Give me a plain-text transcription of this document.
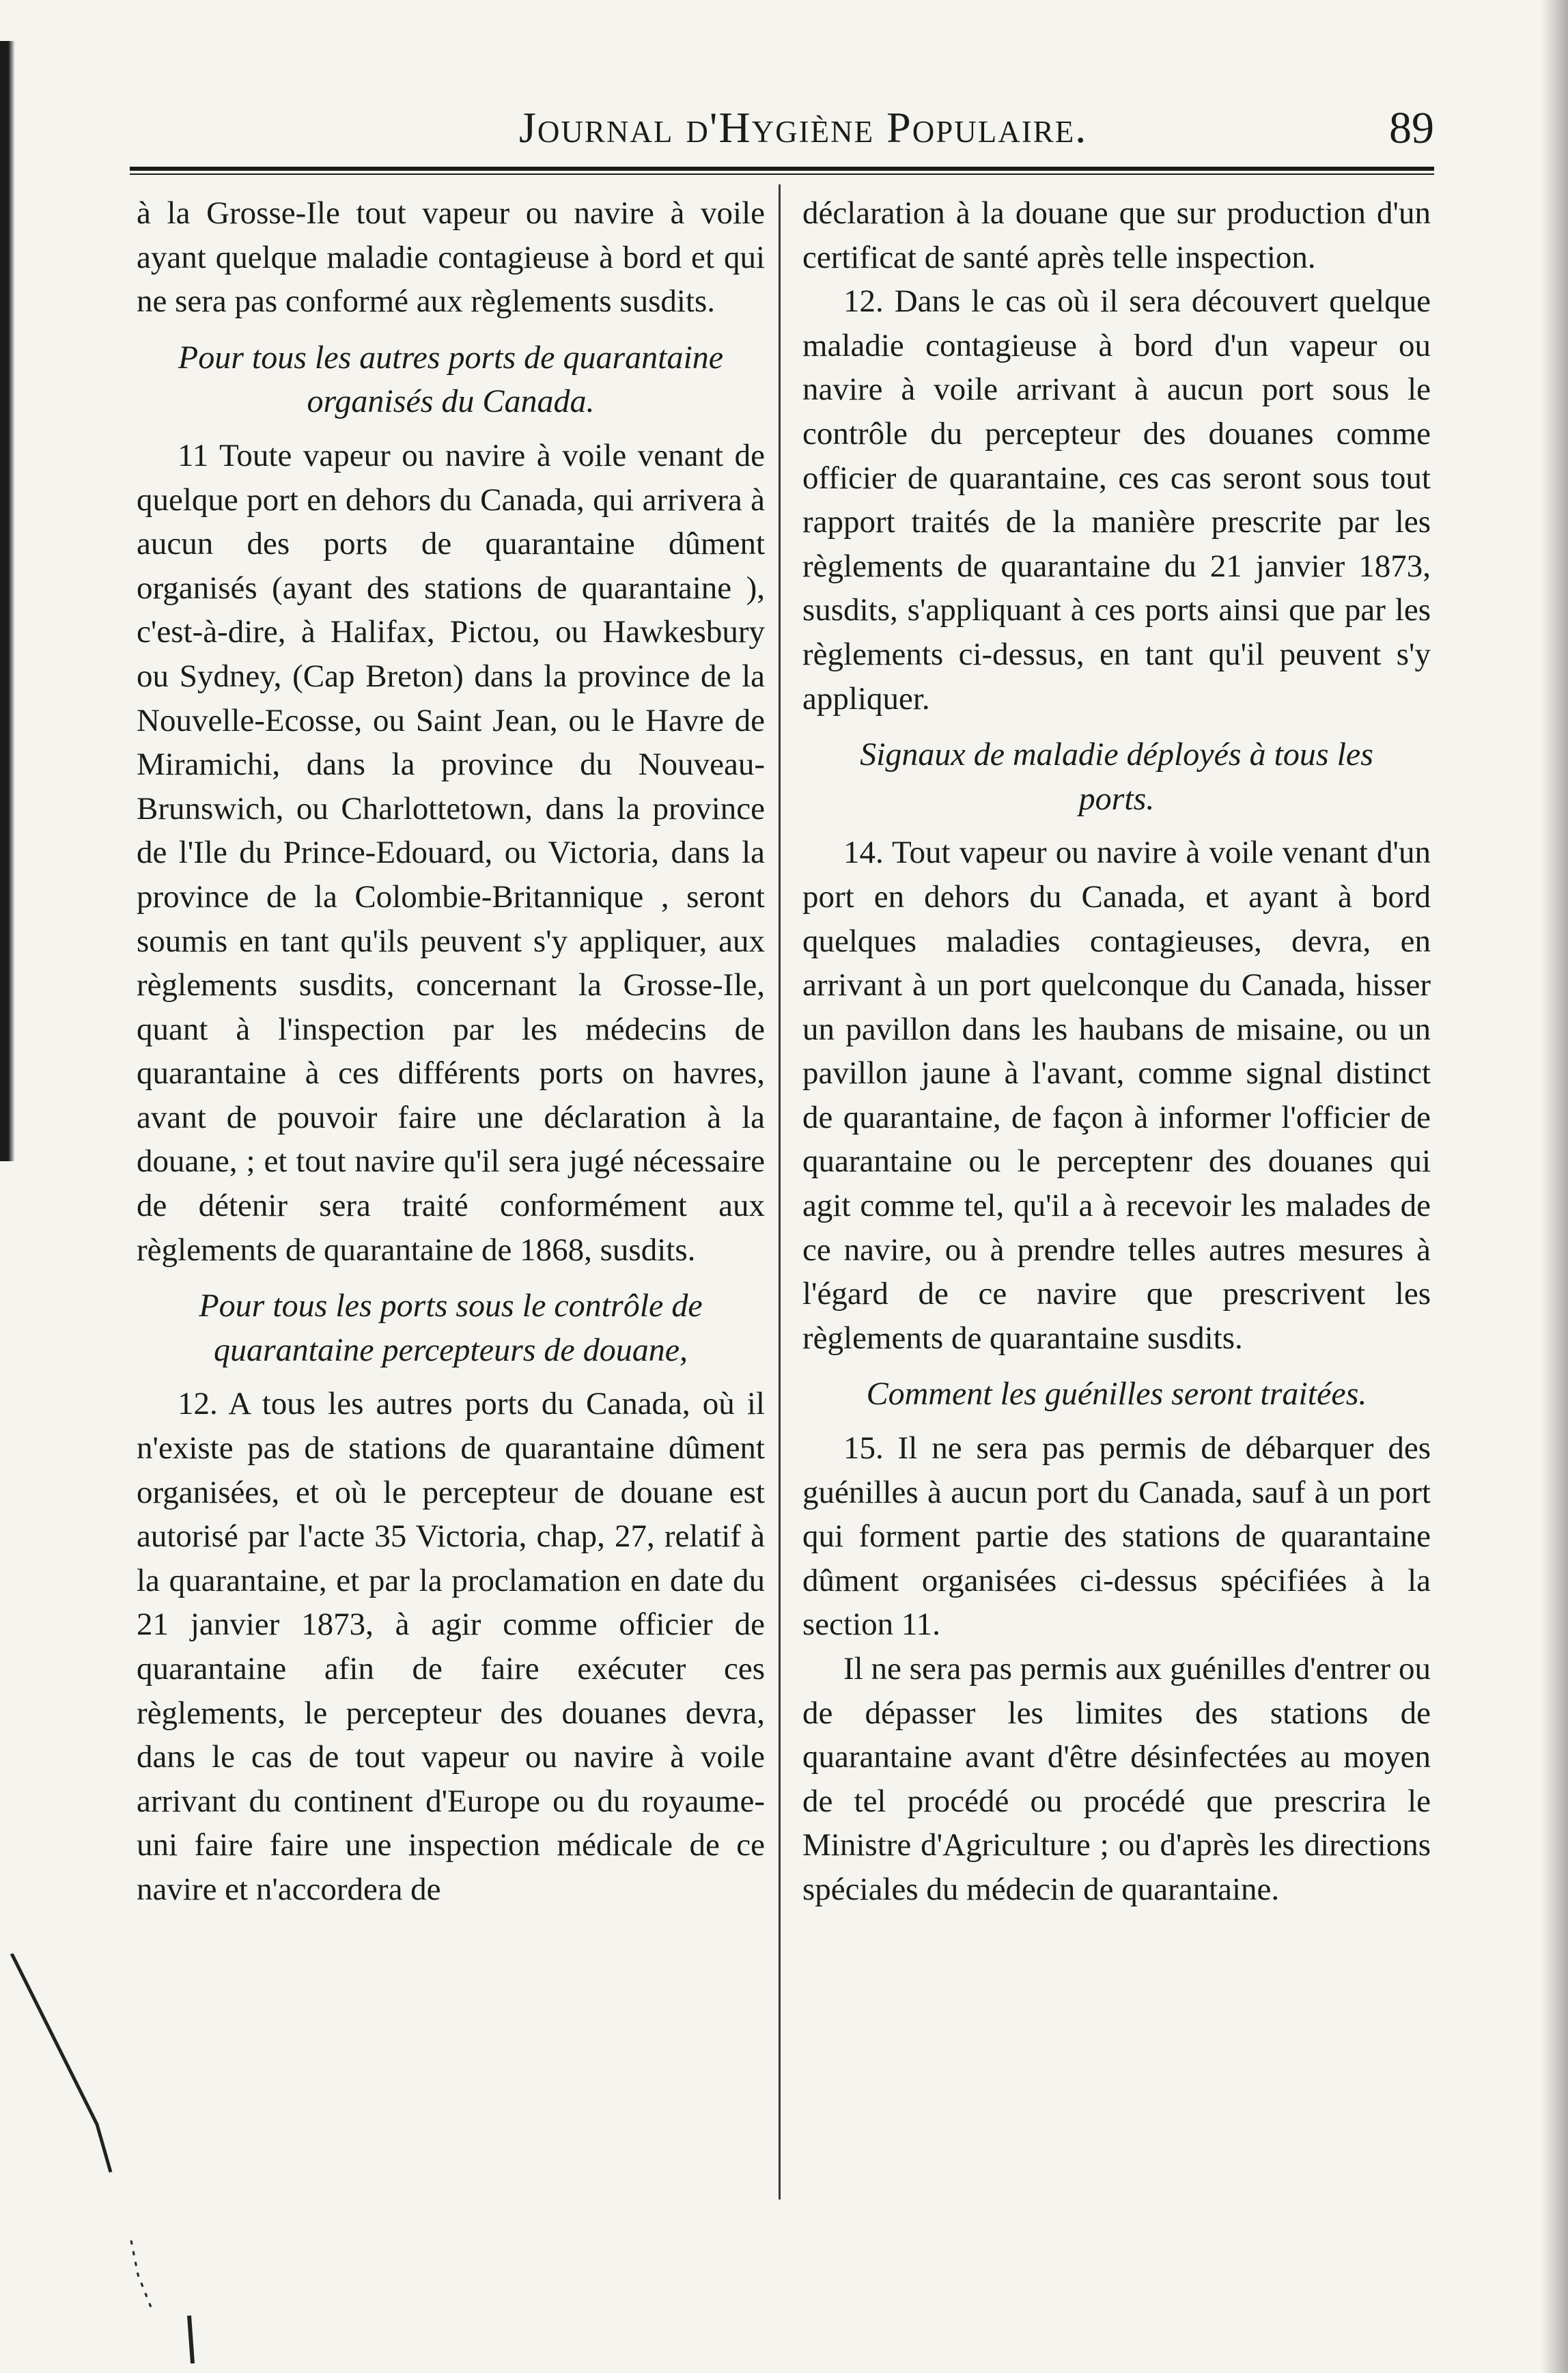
Journal d'Hygiène Populaire.	89

à la Grosse-Ile tout vapeur ou navire à voile ayant quelque maladie contagieuse à bord et qui ne sera pas conformé aux règlements susdits.

Pour tous les autres ports de quarantaine organisés du Canada.

11 Toute vapeur ou navire à voile venant de quelque port en dehors du Canada, qui arrivera à aucun des ports de quarantaine dûment organisés (ayant des stations de quarantaine ), c'est-à-dire, à Halifax, Pictou, ou Hawkesbury ou Sydney, (Cap Breton) dans la province de la Nouvelle-Ecosse, ou Saint Jean, ou le Havre de Miramichi, dans la province du Nouveau-Brunswich, ou Charlottetown, dans la province de l'Ile du Prince-Edouard, ou Victoria, dans la province de la Colombie-Britannique , seront soumis en tant qu'ils peuvent s'y appliquer, aux règlements susdits, concernant la Grosse-Ile, quant à l'inspection par les médecins de quarantaine à ces différents ports on havres, avant de pouvoir faire une déclaration à la douane, ; et tout navire qu'il sera jugé nécessaire de détenir sera traité conformément aux règlements de quarantaine de 1868, susdits.

Pour tous les ports sous le contrôle de quarantaine percepteurs de douane,

12. A tous les autres ports du Canada, où il n'existe pas de stations de quarantaine dûment organisées, et où le percepteur de douane est autorisé par l'acte 35 Victoria, chap, 27, relatif à la quarantaine, et par la proclamation en date du 21 janvier 1873, à agir comme officier de quarantaine afin de faire exécuter ces règlements, le percepteur des douanes devra, dans le cas de tout vapeur ou navire à voile arrivant du continent d'Europe ou du royaume-uni faire faire une inspection médicale de ce navire et n'accordera de

déclaration à la douane que sur production d'un certificat de santé après telle inspection.

12. Dans le cas où il sera découvert quelque maladie contagieuse à bord d'un vapeur ou navire à voile arrivant à aucun port sous le contrôle du percepteur des douanes comme officier de quarantaine, ces cas seront sous tout rapport traités de la manière prescrite par les règlements de quarantaine du 21 janvier 1873, susdits, s'appliquant à ces ports ainsi que par les règlements ci-dessus, en tant qu'il peuvent s'y appliquer.

Signaux de maladie déployés à tous les ports.

14. Tout vapeur ou navire à voile venant d'un port en dehors du Canada, et ayant à bord quelques maladies contagieuses, devra, en arrivant à un port quelconque du Canada, hisser un pavillon dans les haubans de misaine, ou un pavillon jaune à l'avant, comme signal distinct de quarantaine, de façon à informer l'officier de quarantaine ou le perceptenr des douanes qui agit comme tel, qu'il a à recevoir les malades de ce navire, ou à prendre telles autres mesures à l'égard de ce navire que prescrivent les règlements de quarantaine susdits.

Comment les guénilles seront traitées.

15. Il ne sera pas permis de débarquer des guénilles à aucun port du Canada, sauf à un port qui forment partie des stations de quarantaine dûment organisées ci-dessus spécifiées à la section 11.

Il ne sera pas permis aux guénilles d'entrer ou de dépasser les limites des stations de quarantaine avant d'être désinfectées au moyen de tel procédé ou procédé que prescrira le Ministre d'Agriculture ; ou d'après les directions spéciales du médecin de quarantaine.
